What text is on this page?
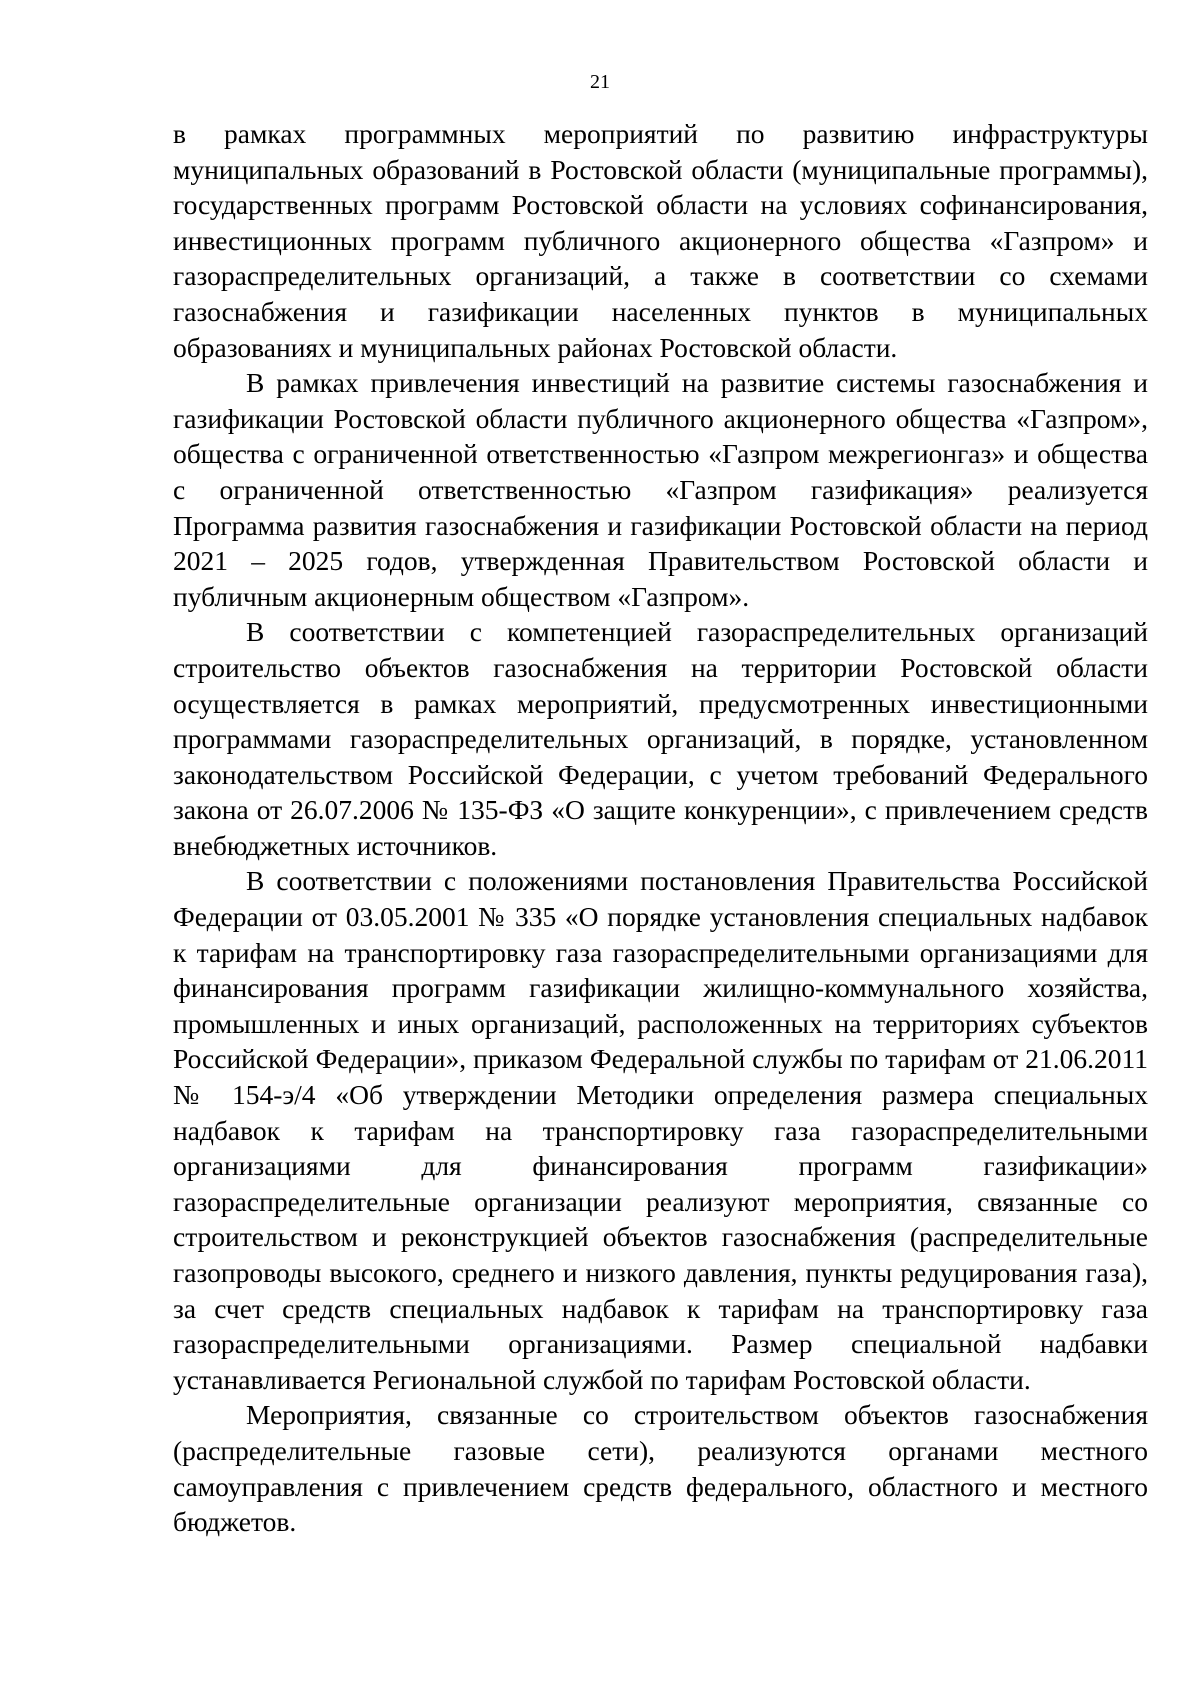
21

в рамках программных мероприятий по развитию инфраструктуры муниципальных образований в Ростовской области (муниципальные программы), государственных программ Ростовской области на условиях софинансирования, инвестиционных программ публичного акционерного общества «Газпром» и газораспределительных организаций, а также в соответствии со схемами газоснабжения и газификации населенных пунктов в муниципальных образованиях и муниципальных районах Ростовской области.

В рамках привлечения инвестиций на развитие системы газоснабжения и газификации Ростовской области публичного акционерного общества «Газпром», общества с ограниченной ответственностью «Газпром межрегионгаз» и общества с ограниченной ответственностью «Газпром газификация» реализуется Программа развития газоснабжения и газификации Ростовской области на период 2021 – 2025 годов, утвержденная Правительством Ростовской области и публичным акционерным обществом «Газпром».

В соответствии с компетенцией газораспределительных организаций строительство объектов газоснабжения на территории Ростовской области осуществляется в рамках мероприятий, предусмотренных инвестиционными программами газораспределительных организаций, в порядке, установленном законодательством Российской Федерации, с учетом требований Федерального закона от 26.07.2006 № 135-ФЗ «О защите конкуренции», с привлечением средств внебюджетных источников.

В соответствии с положениями постановления Правительства Российской Федерации от 03.05.2001 № 335 «О порядке установления специальных надбавок к тарифам на транспортировку газа газораспределительными организациями для финансирования программ газификации жилищно-коммунального хозяйства, промышленных и иных организаций, расположенных на территориях субъектов Российской Федерации», приказом Федеральной службы по тарифам от 21.06.2011 № 154-э/4 «Об утверждении Методики определения размера специальных надбавок к тарифам на транспортировку газа газораспределительными организациями для финансирования программ газификации» газораспределительные организации реализуют мероприятия, связанные со строительством и реконструкцией объектов газоснабжения (распределительные газопроводы высокого, среднего и низкого давления, пункты редуцирования газа), за счет средств специальных надбавок к тарифам на транспортировку газа газораспределительными организациями. Размер специальной надбавки устанавливается Региональной службой по тарифам Ростовской области.

Мероприятия, связанные со строительством объектов газоснабжения (распределительные газовые сети), реализуются органами местного самоуправления с привлечением средств федерального, областного и местного бюджетов.
